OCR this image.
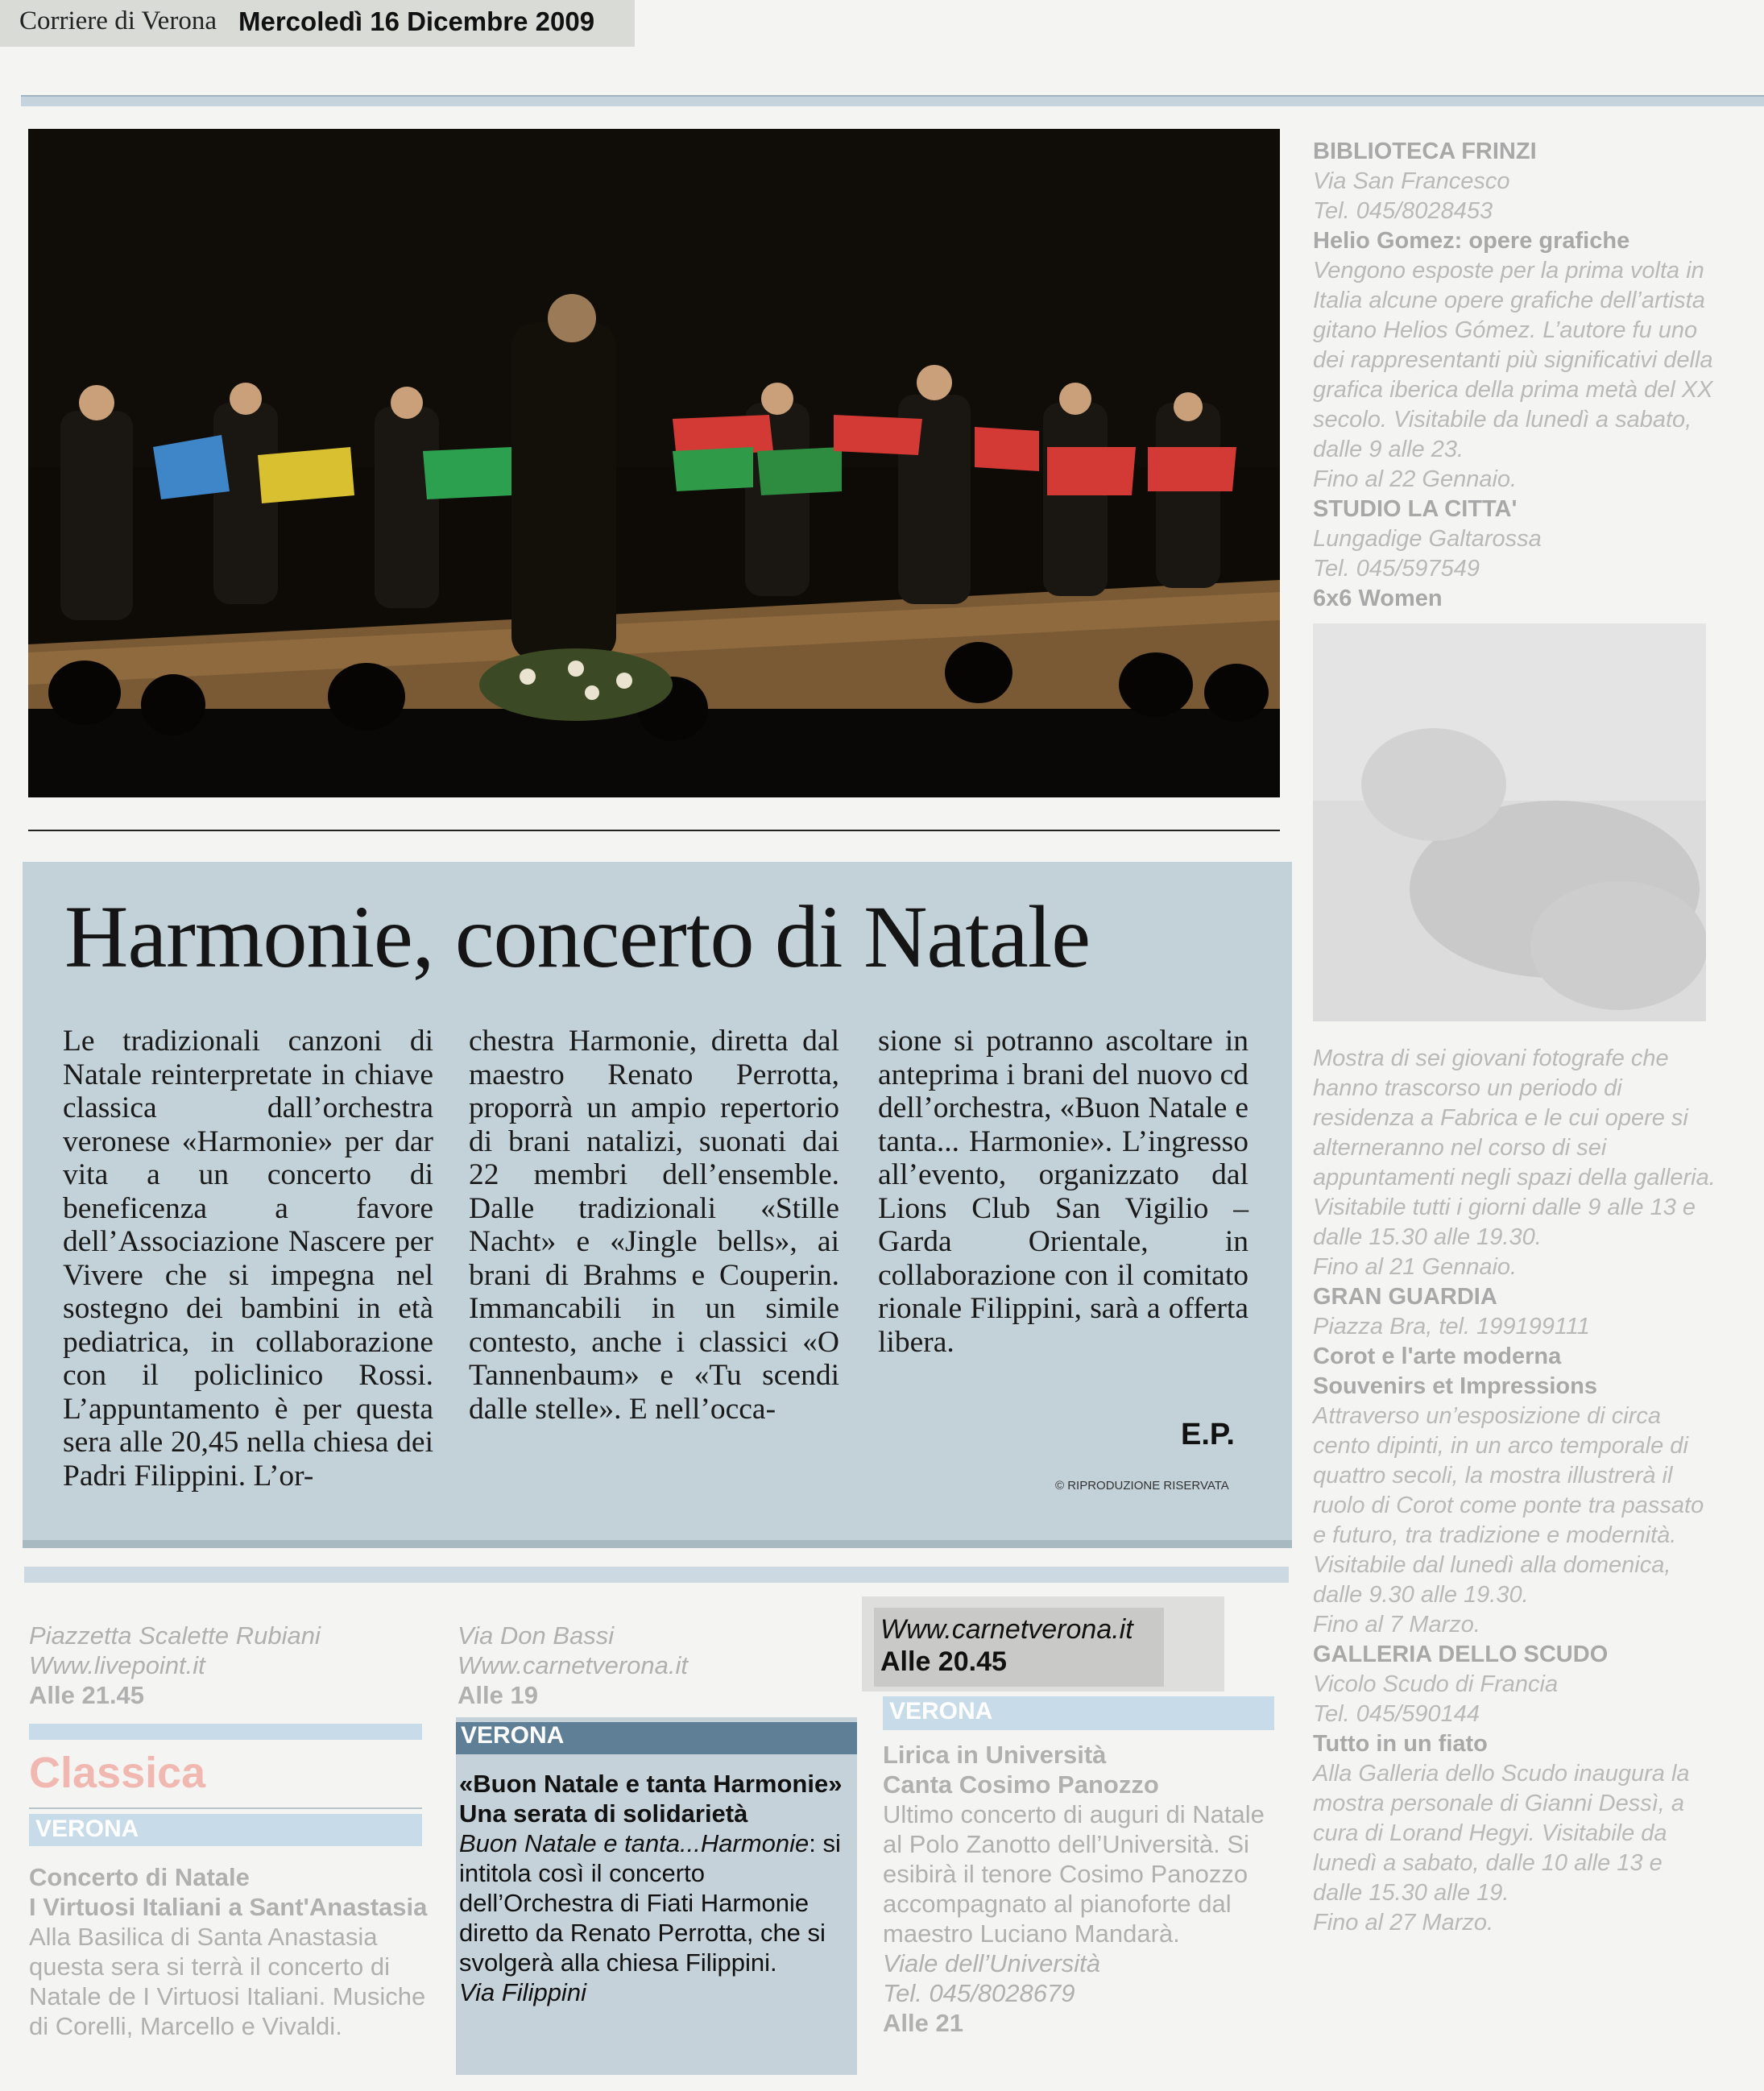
Corriere di Verona Mercoledì 16 Dicembre 2009
Harmonie, concerto di Natale
Le tradizionali canzoni di Natale reinterpretate in chiave classica dall’orchestra veronese «Harmonie» per dar vita a un concerto di beneficenza a favore dell’Associazione Nascere per Vivere che si impegna nel sostegno dei bambini in età pediatrica, in collaborazione con il policlinico Rossi. L’appuntamento è per questa sera alle 20,45 nella chiesa dei Padri Filippini. L’or-
chestra Harmonie, diretta dal maestro Renato Perrotta, proporrà un ampio repertorio di brani natalizi, suonati dai 22 membri dell’ensemble. Dalle tradizionali «Stille Nacht» e «Jingle bells», ai brani di Brahms e Couperin. Immancabili in un simile contesto, anche i classici «O Tannenbaum» e «Tu scendi dalle stelle». E nell’occa-
sione si potranno ascoltare in anteprima i brani del nuovo cd dell’orchestra, «Buon Natale e tanta... Harmonie». L’ingresso all’evento, organizzato dal Lions Club San Vigilio – Garda Orientale, in collaborazione con il comitato rionale Filippini, sarà a offerta libera.
E.P.
© RIPRODUZIONE RISERVATA
BIBLIOTECA FRINZI
Via San Francesco
Tel. 045/8028453
Helio Gomez: opere grafiche
Vengono esposte per la prima volta in Italia alcune opere grafiche dell’artista gitano Helios Gómez. L’autore fu uno dei rappresentanti più significativi della grafica iberica della prima metà del XX secolo. Visitabile da lunedì a sabato, dalle 9 alle 23.
Fino al 22 Gennaio.
STUDIO LA CITTA'
Lungadige Galtarossa
Tel. 045/597549
6x6 Women
Mostra di sei giovani fotografe che hanno trascorso un periodo di residenza a Fabrica e le cui opere si alterneranno nel corso di sei appuntamenti negli spazi della galleria. Visitabile tutti i giorni dalle 9 alle 13 e dalle 15.30 alle 19.30.
Fino al 21 Gennaio.
GRAN GUARDIA
Piazza Bra, tel. 199199111
Corot e l'arte moderna
Souvenirs et Impressions
Attraverso un’esposizione di circa cento dipinti, in un arco temporale di quattro secoli, la mostra illustrerà il ruolo di Corot come ponte tra passato e futuro, tra tradizione e modernità. Visitabile dal lunedì alla domenica, dalle 9.30 alle 19.30.
Fino al 7 Marzo.
GALLERIA DELLO SCUDO
Vicolo Scudo di Francia
Tel. 045/590144
Tutto in un fiato
Alla Galleria dello Scudo inaugura la mostra personale di Gianni Dessì, a cura di Lorand Hegyi. Visitabile da lunedì a sabato, dalle 10 alle 13 e dalle 15.30 alle 19.
Fino al 27 Marzo.
Piazzetta Scalette Rubiani
Www.livepoint.it
Alle 21.45
Classica
VERONA
Concerto di Natale
I Virtuosi Italiani a Sant'Anastasia
Alla Basilica di Santa Anastasia questa sera si terrà il concerto di Natale de I Virtuosi Italiani. Musiche di Corelli, Marcello e Vivaldi.
Via Don Bassi
Www.carnetverona.it
Alle 19
VERONA
«Buon Natale e tanta Harmonie»
Una serata di solidarietà
Buon Natale e tanta...Harmonie: si intitola così il concerto dell’Orchestra di Fiati Harmonie diretto da Renato Perrotta, che si svolgerà alla chiesa Filippini.
Via Filippini
Www.carnetverona.it
Alle 20.45
VERONA
Lirica in Università
Canta Cosimo Panozzo
Ultimo concerto di auguri di Natale al Polo Zanotto dell’Università. Si esibirà il tenore Cosimo Panozzo accompagnato al pianoforte dal maestro Luciano Mandarà.
Viale dell’Università
Tel. 045/8028679
Alle 21
